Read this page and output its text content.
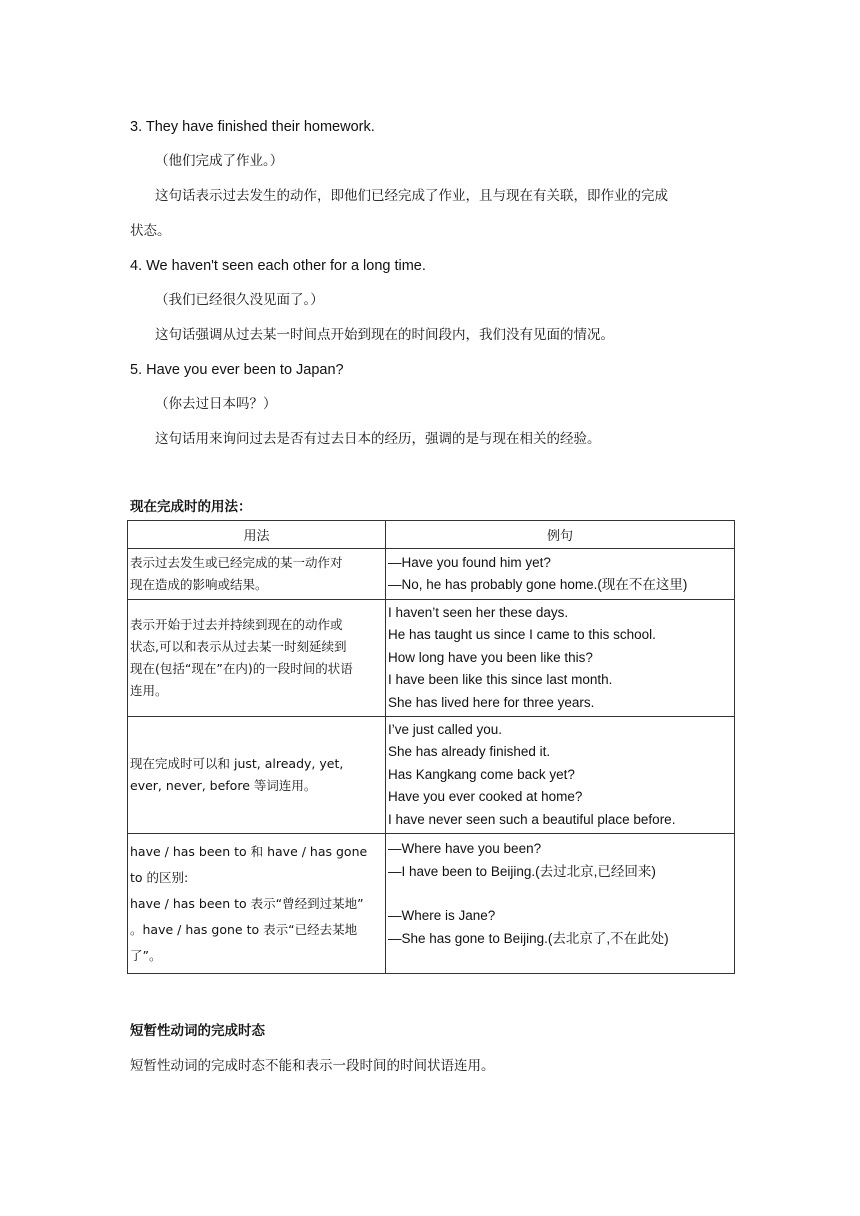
3. They have finished their homework.
（他们完成了作业。）
这句话表示过去发生的动作，即他们已经完成了作业，且与现在有关联，即作业的完成
状态。
4. We haven't seen each other for a long time.
（我们已经很久没见面了。）
这句话强调从过去某一时间点开始到现在的时间段内，我们没有见面的情况。
5. Have you ever been to Japan?
（你去过日本吗？）
这句话用来询问过去是否有过去日本的经历，强调的是与现在相关的经验。
现在完成时的用法：
用法	例句

表示过去发生或已经完成的某一动作对
现在造成的影响或结果。	—Have you found him yet?
—No, he has probably gone home.(现在不在这里)

表示开始于过去并持续到现在的动作或
状态,可以和表示从过去某一时刻延续到
现在(包括“现在”在内)的一段时间的状语
连用。	I haven’t seen her these days.
He has taught us since I came to this school.
How long have you been like this?
I have been like this since last month.
She has lived here for three years.

现在完成时可以和 just, already, yet,
ever, never, before 等词连用。	I’ve just called you.
She has already finished it.
Has Kangkang come back yet?
Have you ever cooked at home?
I have never seen such a beautiful place before.

have / has been to 和 have / has gone
to 的区别:
have / has been to 表示“曾经到过某地”
。have / has gone to 表示“已经去某地
了”。	—Where have you been?
—I have been to Beijing.(去过北京,已经回来)
—Where is Jane?
—She has gone to Beijing.(去北京了,不在此处)
短暂性动词的完成时态
短暂性动词的完成时态不能和表示一段时间的时间状语连用。
